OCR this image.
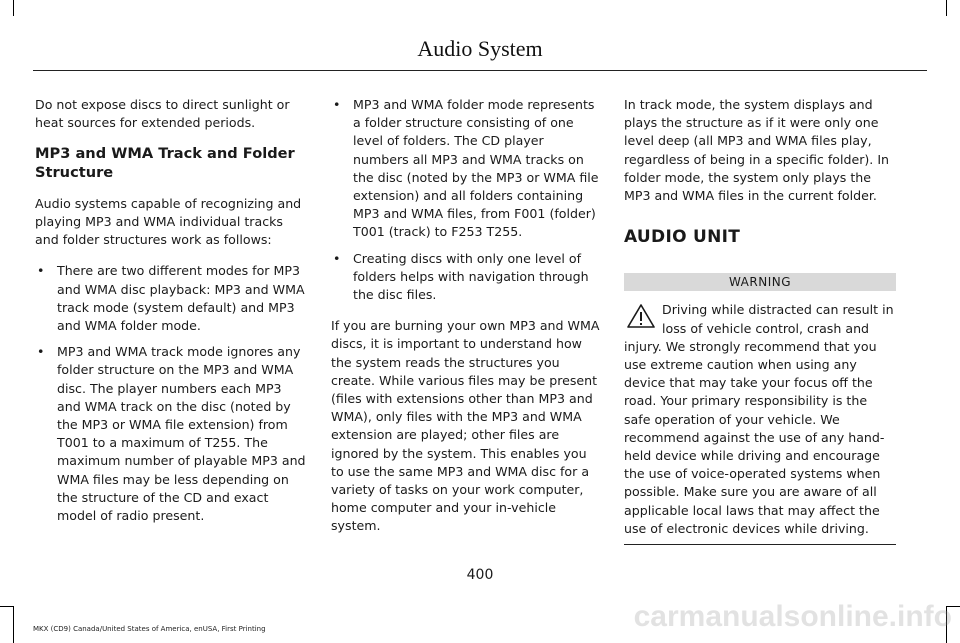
Audio System

Do not expose discs to direct sunlight or heat sources for extended periods.

MP3 and WMA Track and Folder Structure

Audio systems capable of recognizing and playing MP3 and WMA individual tracks and folder structures work as follows:

• There are two different modes for MP3 and WMA disc playback: MP3 and WMA track mode (system default) and MP3 and WMA folder mode.
• MP3 and WMA track mode ignores any folder structure on the MP3 and WMA disc. The player numbers each MP3 and WMA track on the disc (noted by the MP3 or WMA file extension) from T001 to a maximum of T255. The maximum number of playable MP3 and WMA files may be less depending on the structure of the CD and exact model of radio present.
• MP3 and WMA folder mode represents a folder structure consisting of one level of folders. The CD player numbers all MP3 and WMA tracks on the disc (noted by the MP3 or WMA file extension) and all folders containing MP3 and WMA files, from F001 (folder) T001 (track) to F253 T255.
• Creating discs with only one level of folders helps with navigation through the disc files.

If you are burning your own MP3 and WMA discs, it is important to understand how the system reads the structures you create. While various files may be present (files with extensions other than MP3 and WMA), only files with the MP3 and WMA extension are played; other files are ignored by the system. This enables you to use the same MP3 and WMA disc for a variety of tasks on your work computer, home computer and your in-vehicle system.

In track mode, the system displays and plays the structure as if it were only one level deep (all MP3 and WMA files play, regardless of being in a specific folder). In folder mode, the system only plays the MP3 and WMA files in the current folder.

AUDIO UNIT
WARNING
Driving while distracted can result in loss of vehicle control, crash and injury. We strongly recommend that you use extreme caution when using any device that may take your focus off the road. Your primary responsibility is the safe operation of your vehicle. We recommend against the use of any hand-held device while driving and encourage the use of voice-operated systems when possible. Make sure you are aware of all applicable local laws that may affect the use of electronic devices while driving.
400
MKX (CD9) Canada/United States of America, enUSA, First Printing	carmanualsonline.info
